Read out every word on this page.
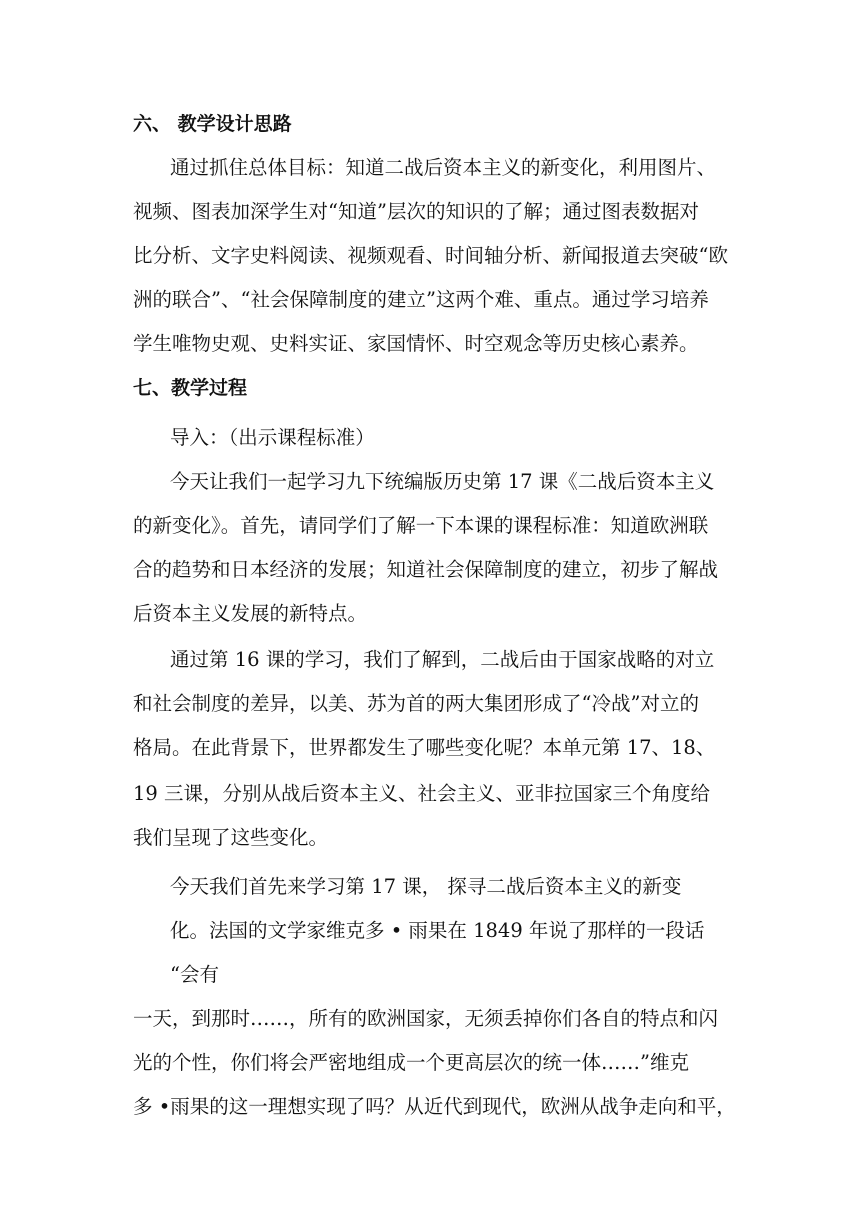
六、 教学设计思路
通过抓住总体目标：知道二战后资本主义的新变化，利用图片、
视频、图表加深学生对“知道”层次的知识的了解；通过图表数据对
比分析、文字史料阅读、视频观看、时间轴分析、新闻报道去突破“欧
洲的联合”、“社会保障制度的建立”这两个难、重点。通过学习培养
学生唯物史观、史料实证、家国情怀、时空观念等历史核心素养。
七、教学过程
导入：（出示课程标准）
今天让我们一起学习九下统编版历史第 17 课《二战后资本主义
的新变化》。首先，请同学们了解一下本课的课程标准：知道欧洲联
合的趋势和日本经济的发展；知道社会保障制度的建立，初步了解战
后资本主义发展的新特点。
通过第 16 课的学习，我们了解到，二战后由于国家战略的对立
和社会制度的差异，以美、苏为首的两大集团形成了“冷战”对立的
格局。在此背景下，世界都发生了哪些变化呢？本单元第 17、18、
19 三课，分别从战后资本主义、社会主义、亚非拉国家三个角度给
我们呈现了这些变化。
今天我们首先来学习第 17 课， 探寻二战后资本主义的新变
化。法国的文学家维克多 • 雨果在 1849 年说了那样的一段话
“会有
一天，到那时……，所有的欧洲国家，无须丢掉你们各自的特点和闪
光的个性，你们将会严密地组成一个更高层次的统一体……”维克
多 •雨果的这一理想实现了吗？从近代到现代，欧洲从战争走向和平，
